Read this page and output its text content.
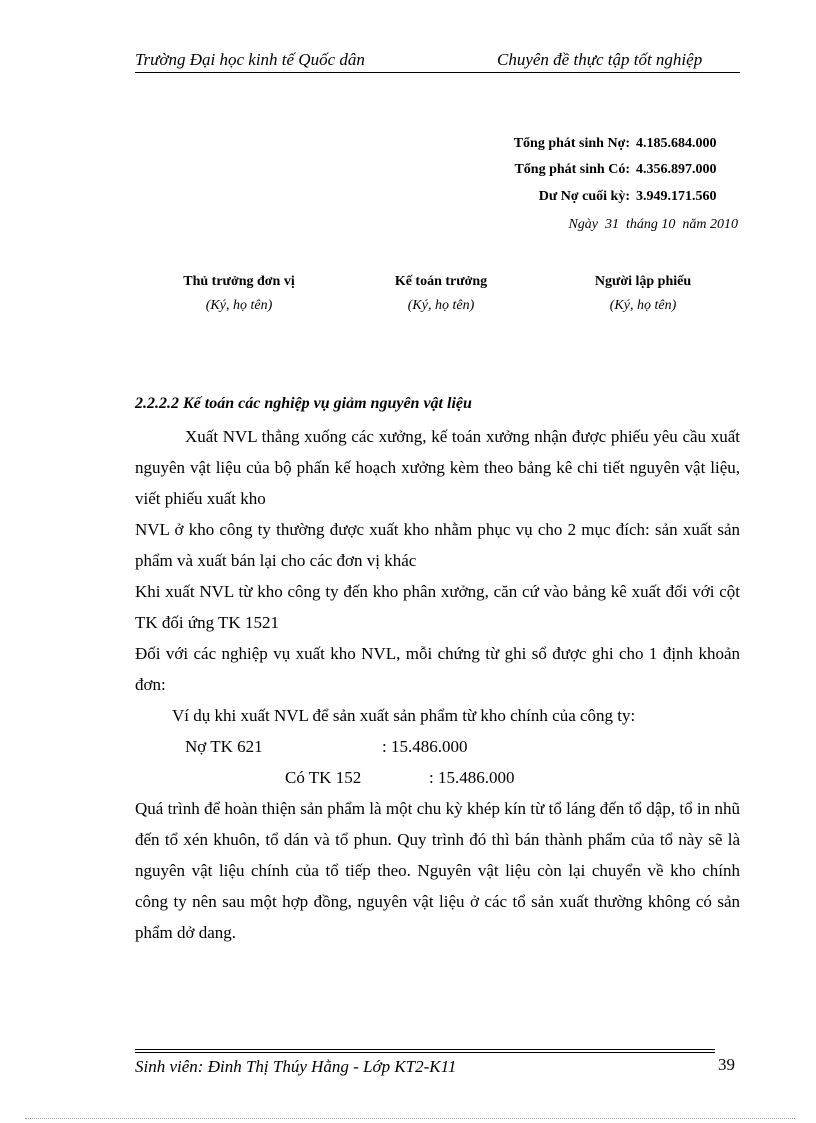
Trường Đại học kinh tế Quốc dân	Chuyên đề thực tập tốt nghiệp
Tổng phát sinh Nợ: 4.185.684.000
Tổng phát sinh Có: 4.356.897.000
Dư Nợ cuối kỳ: 3.949.171.560
Ngày  31  tháng 10  năm 2010
Thủ trưởng đơn vị
(Ký, họ tên)
Kế toán trưởng
(Ký, họ tên)
Người lập phiếu
(Ký, họ tên)
2.2.2.2 Kế toán các nghiệp vụ giảm nguyên vật liệu

Xuất NVL thẳng xuống các xưởng, kế toán xưởng nhận được phiếu yêu cầu xuất nguyên vật liệu của bộ phấn kế hoạch xưởng kèm theo bảng kê chi tiết nguyên vật liệu, viết phiếu xuất kho

NVL ở kho công ty thường được xuất kho nhằm phục vụ cho 2 mục đích: sản xuất sản phẩm và xuất bán lại cho các đơn vị khác

Khi xuất NVL từ kho công ty đến kho phân xưởng, căn cứ vào bảng kê xuất đối với cột TK đối ứng TK 1521

Đối với các nghiệp vụ xuất kho NVL, mỗi chứng từ ghi sổ được ghi cho 1 định khoản đơn:

Ví dụ khi xuất NVL để sản xuất sản phẩm từ kho chính của công ty:

Nợ TK 621	: 15.486.000
Có TK 152	: 15.486.000

Quá trình để hoàn thiện sản phẩm là một chu kỳ khép kín từ tổ láng đến tổ dập, tổ in nhũ đến tổ xén khuôn, tổ dán và tổ phun. Quy trình đó thì bán thành phẩm của tổ này sẽ là nguyên vật liệu chính của tổ tiếp theo. Nguyên vật liệu còn lại chuyển về kho chính công ty nên sau một hợp đồng, nguyên vật liệu ở các tổ sản xuất thường không có sản phẩm dở dang.

Sinh viên: Đinh Thị Thúy Hằng - Lớp KT2-K11	39
